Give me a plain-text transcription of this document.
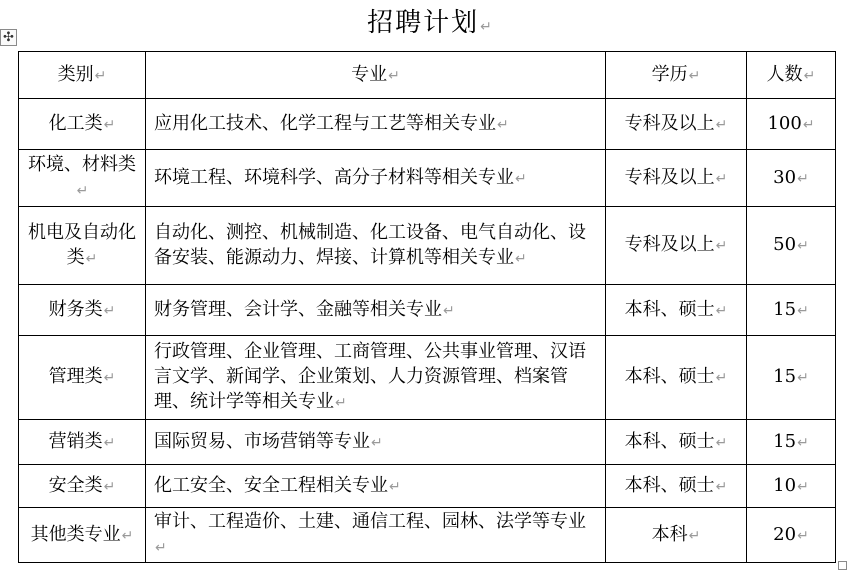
招聘计划↵
✣
类别↵	专业↵	学历↵	人数↵
化工类↵	应用化工技术、化学工程与工艺等相关专业↵	专科及以上↵	100↵
环境、材料类↵	环境工程、环境科学、高分子材料等相关专业↵	专科及以上↵	30↵
机电及自动化类↵	自动化、测控、机械制造、化工设备、电气自动化、设备安装、能源动力、焊接、计算机等相关专业↵	专科及以上↵	50↵
财务类↵	财务管理、会计学、金融等相关专业↵	本科、硕士↵	15↵
管理类↵	行政管理、企业管理、工商管理、公共事业管理、汉语言文学、新闻学、企业策划、人力资源管理、档案管理、统计学等相关专业↵	本科、硕士↵	15↵
营销类↵	国际贸易、市场营销等专业↵	本科、硕士↵	15↵
安全类↵	化工安全、安全工程相关专业↵	本科、硕士↵	10↵
其他类专业↵	审计、工程造价、土建、通信工程、园林、法学等专业↵	本科↵	20↵
